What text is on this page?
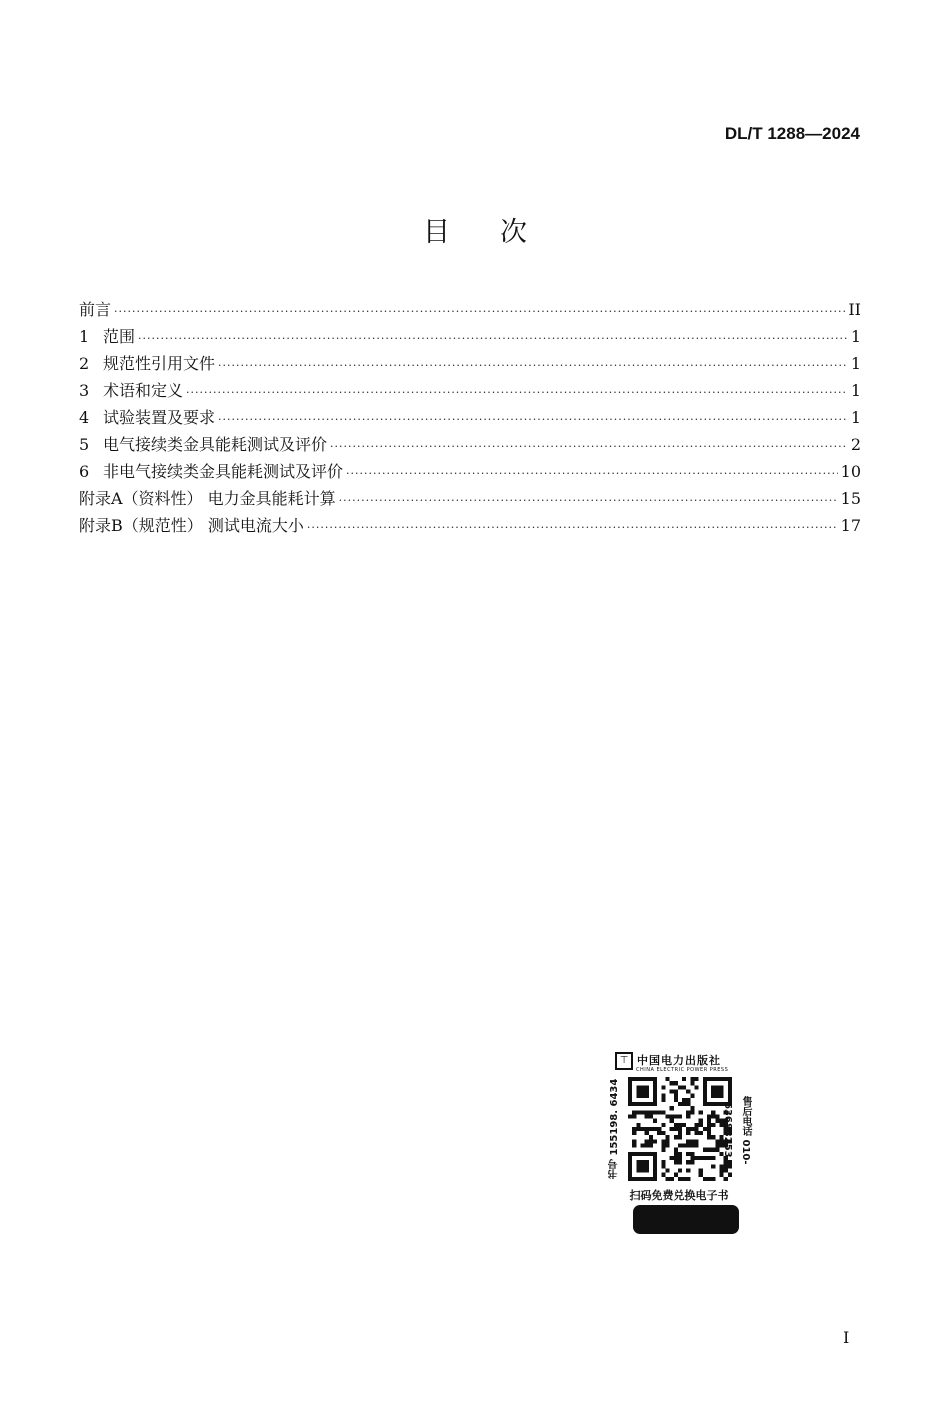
DL/T 1288—2024
目次
前言 ·····	II
1 范围 ·····	1
2 规范性引用文件 ·····	1
3 术语和定义 ·····	1
4 试验装置及要求 ·····	1
5 电气接续类金具能耗测试及评价 ·····	2
6 非电气接续类金具能耗测试及评价 ·····	10
附录A（资料性） 电力金具能耗计算 ·····	15
附录B（规范性） 测试电流大小 ·····	17
⊤ 中国电力出版社
CHINA ELECTRIC POWER PRESS
书号 155198. 6434	售后电话 010-63683253
扫码免费兑换电子书
I
